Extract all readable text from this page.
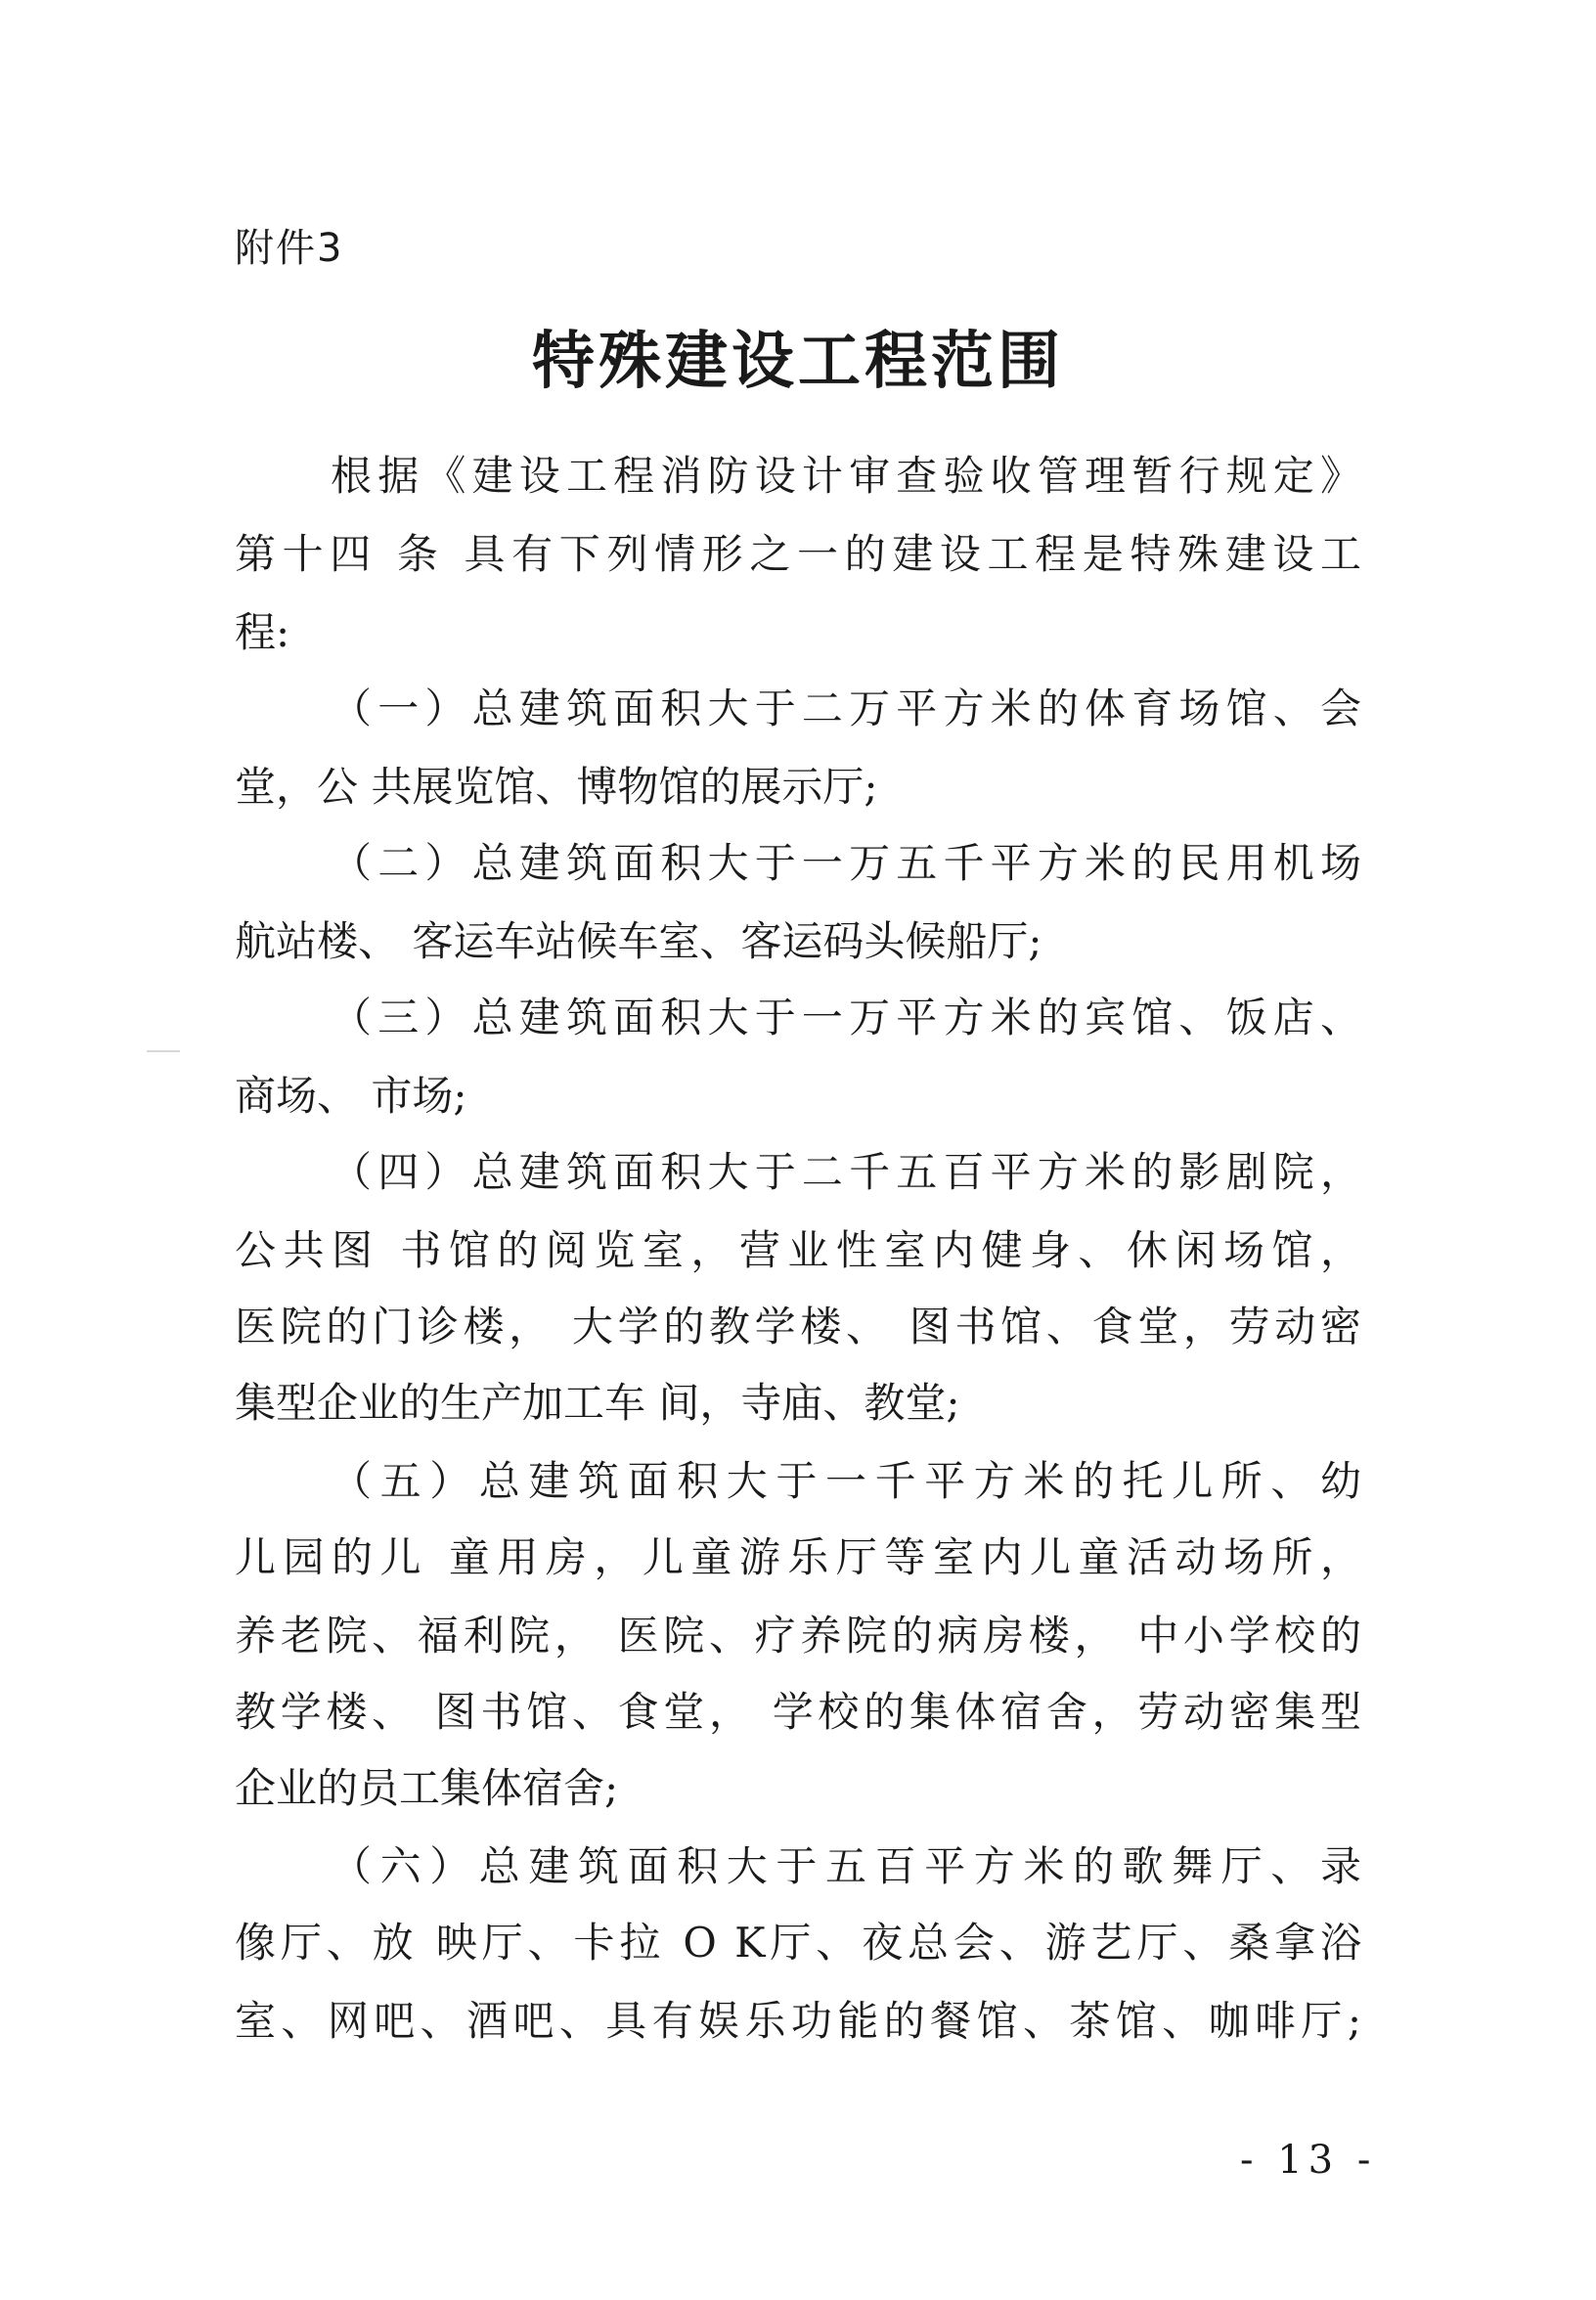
附件3
特殊建设工程范围
根据《建设工程消防设计审查验收管理暂行规定》
第十四 条 具有下列情形之一的建设工程是特殊建设工
程:
（一）总建筑面积大于二万平方米的体育场馆、会
堂，公 共展览馆、博物馆的展示厅;
（二）总建筑面积大于一万五千平方米的民用机场
航站楼、 客运车站候车室、客运码头候船厅;
（三）总建筑面积大于一万平方米的宾馆、饭店、
商场、 市场;
（四）总建筑面积大于二千五百平方米的影剧院，
公共图 书馆的阅览室，营业性室内健身、休闲场馆，
医院的门诊楼， 大学的教学楼、 图书馆、食堂，劳动密
集型企业的生产加工车 间，寺庙、教堂;
（五）总建筑面积大于一千平方米的托儿所、幼
儿园的儿 童用房，儿童游乐厅等室内儿童活动场所，
养老院、福利院， 医院、疗养院的病房楼， 中小学校的
教学楼、 图书馆、食堂， 学校的集体宿舍，劳动密集型
企业的员工集体宿舍;
（六）总建筑面积大于五百平方米的歌舞厅、录
像厅、放 映厅、卡拉 O K厅、夜总会、游艺厅、桑拿浴
室、网吧、酒吧、具有娱乐功能的餐馆、茶馆、咖啡厅;
- 13 -
